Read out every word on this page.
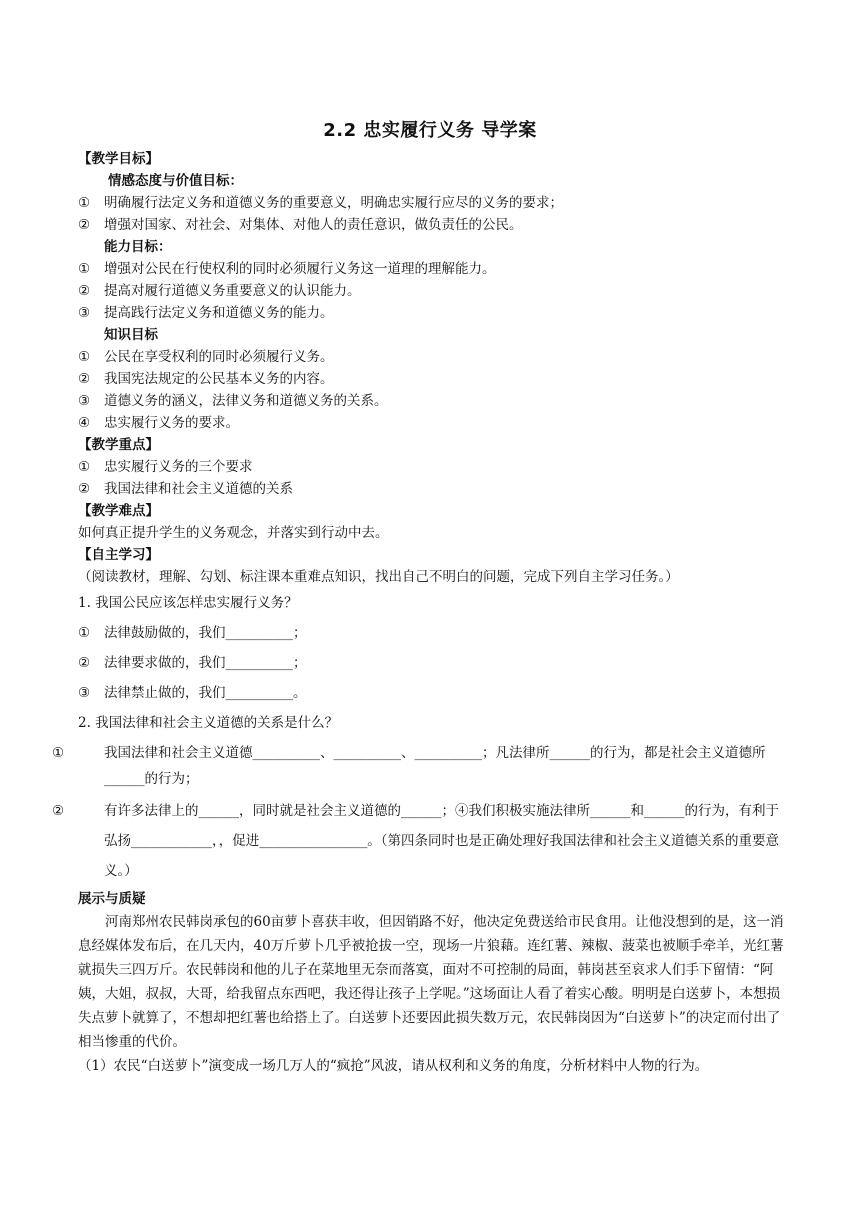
2.2 忠实履行义务 导学案
【教学目标】
情感态度与价值目标：
① 明确履行法定义务和道德义务的重要意义，明确忠实履行应尽的义务的要求；
② 增强对国家、对社会、对集体、对他人的责任意识，做负责任的公民。
能力目标：
① 增强对公民在行使权利的同时必须履行义务这一道理的理解能力。
② 提高对履行道德义务重要意义的认识能力。
③ 提高践行法定义务和道德义务的能力。
知识目标
① 公民在享受权利的同时必须履行义务。
② 我国宪法规定的公民基本义务的内容。
③ 道德义务的涵义，法律义务和道德义务的关系。
④ 忠实履行义务的要求。
【教学重点】
① 忠实履行义务的三个要求
② 我国法律和社会主义道德的关系
【教学难点】
如何真正提升学生的义务观念，并落实到行动中去。
【自主学习】
（阅读教材，理解、勾划、标注课本重难点知识，找出自己不明白的问题，完成下列自主学习任务。）
1. 我国公民应该怎样忠实履行义务？
① 法律鼓励做的，我们__________；
② 法律要求做的，我们__________；
③ 法律禁止做的，我们__________。
2. 我国法律和社会主义道德的关系是什么？
①	我国法律和社会主义道德__________、__________、__________；凡法律所______的行为，都是社会主义道德所______的行为；
②	有许多法律上的______，同时就是社会主义道德的______；④我们积极实施法律所______和______的行为，有利于弘扬____________，，促进________________。（第四条同时也是正确处理好我国法律和社会主义道德关系的重要意义。）
展示与质疑
河南郑州农民韩岗承包的60亩萝卜喜获丰收，但因销路不好，他决定免费送给市民食用。让他没想到的是，这一消息经媒体发布后，在几天内，40万斤萝卜几乎被抢拔一空，现场一片狼藉。连红薯、辣椒、菠菜也被顺手牵羊，光红薯就损失三四万斤。农民韩岗和他的儿子在菜地里无奈而落寞，面对不可控制的局面，韩岗甚至哀求人们手下留情：“阿姨，大姐，叔叔，大哥，给我留点东西吧，我还得让孩子上学呢。”这场面让人看了着实心酸。明明是白送萝卜，本想损失点萝卜就算了，不想却把红薯也给搭上了。白送萝卜还要因此损失数万元，农民韩岗因为“白送萝卜”的决定而付出了相当惨重的代价。
（1）农民“白送萝卜”演变成一场几万人的“疯抢”风波，请从权利和义务的角度，分析材料中人物的行为。
